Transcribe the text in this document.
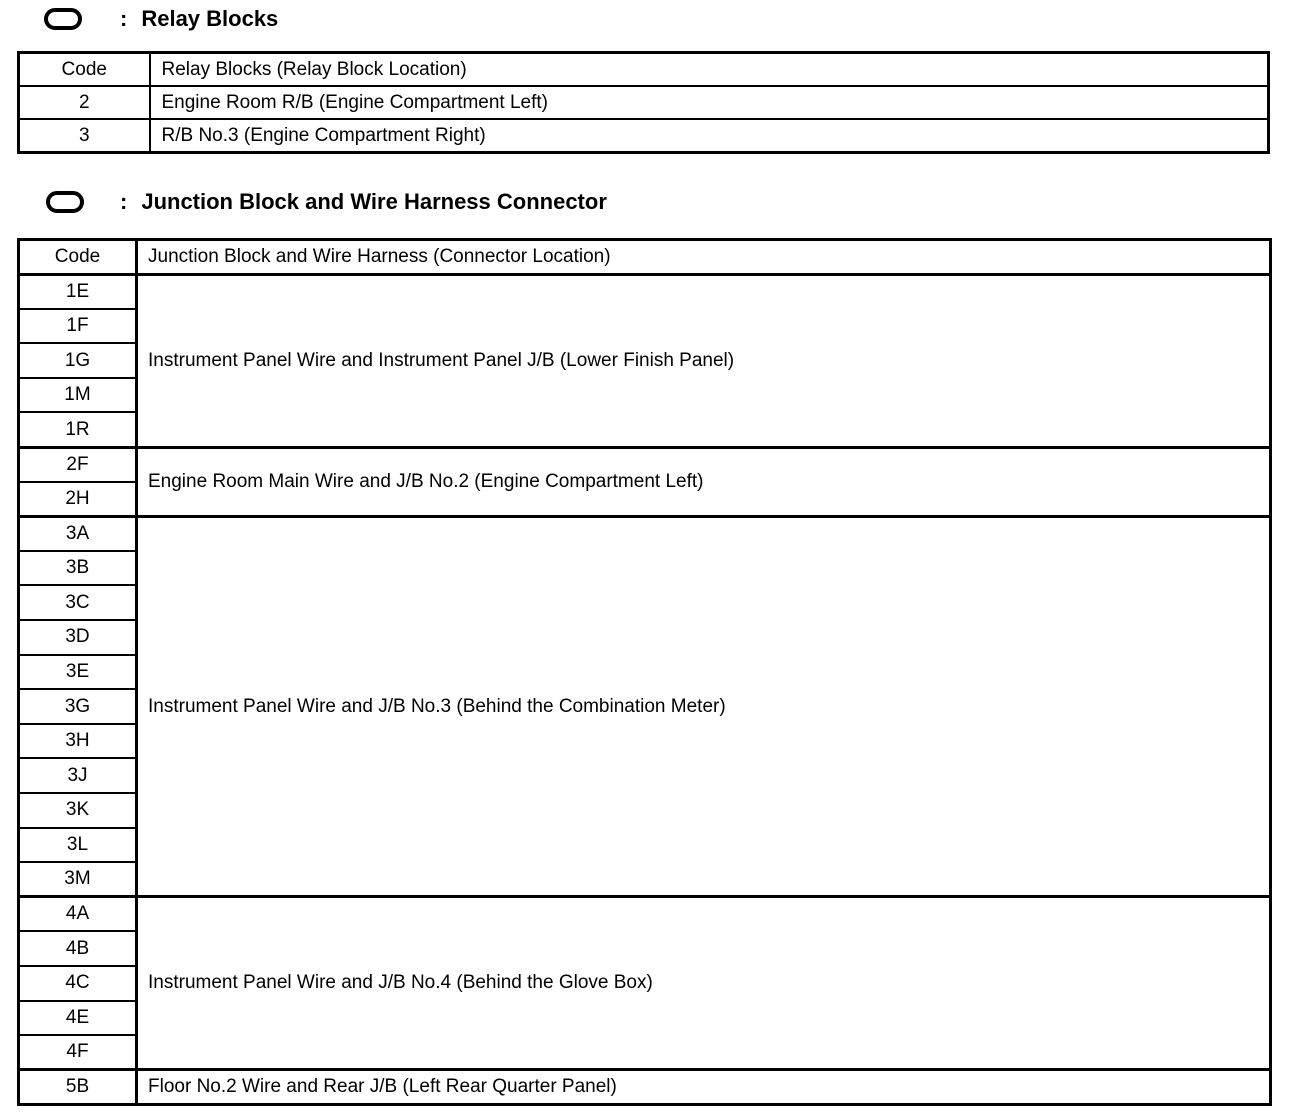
: Relay Blocks
Code	Relay Blocks (Relay Block Location)
2	Engine Room R/B (Engine Compartment Left)
3	R/B No.3 (Engine Compartment Right)
: Junction Block and Wire Harness Connector
Code	Junction Block and Wire Harness (Connector Location)
1E	Instrument Panel Wire and Instrument Panel J/B (Lower Finish Panel)
1F	
1G	
1M	
1R	
2F	Engine Room Main Wire and J/B No.2 (Engine Compartment Left)
2H	
3A	Instrument Panel Wire and J/B No.3 (Behind the Combination Meter)
3B	
3C	
3D	
3E	
3G	
3H	
3J	
3K	
3L	
3M	
4A	Instrument Panel Wire and J/B No.4 (Behind the Glove Box)
4B	
4C	
4E	
4F	
5B	Floor No.2 Wire and Rear J/B (Left Rear Quarter Panel)
